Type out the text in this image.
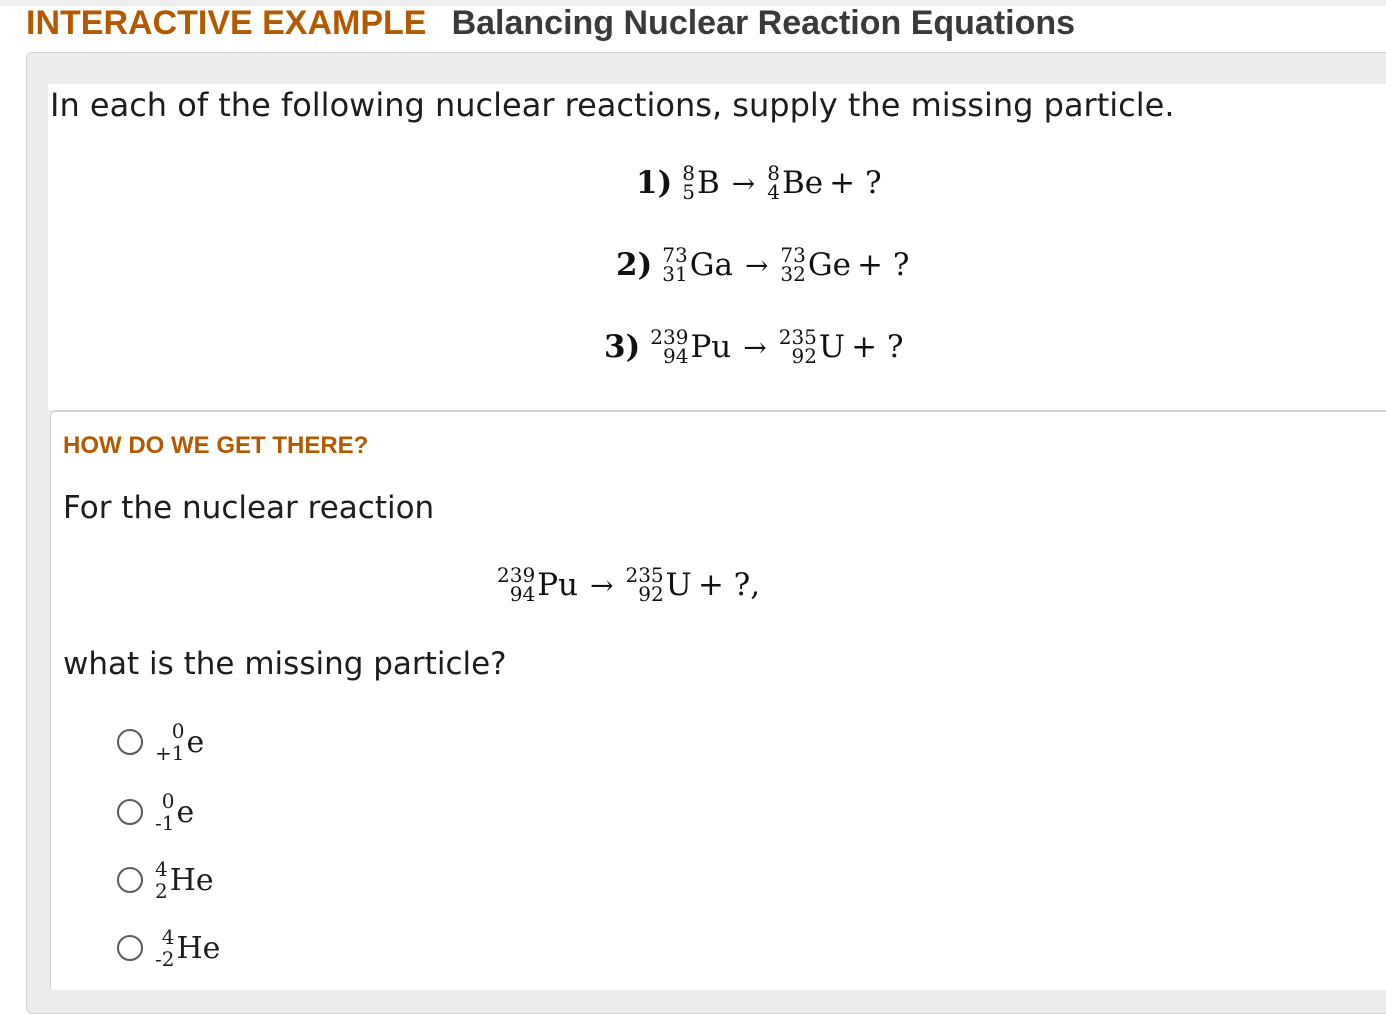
INTERACTIVE EXAMPLE Balancing Nuclear Reaction Equations
In each of the following nuclear reactions, supply the missing particle.
1) 8
5 B → 8
4 Be + ?
2) 73
31 Ga → 73
32 Ge + ?
3) 239
94 Pu → 235
92 U + ?
HOW DO WE GET THERE?
For the nuclear reaction
239
94 Pu → 235
92 U + ?,
what is the missing particle?
0
+1 e
0
-1 e
4
2 He
4
-2 He
